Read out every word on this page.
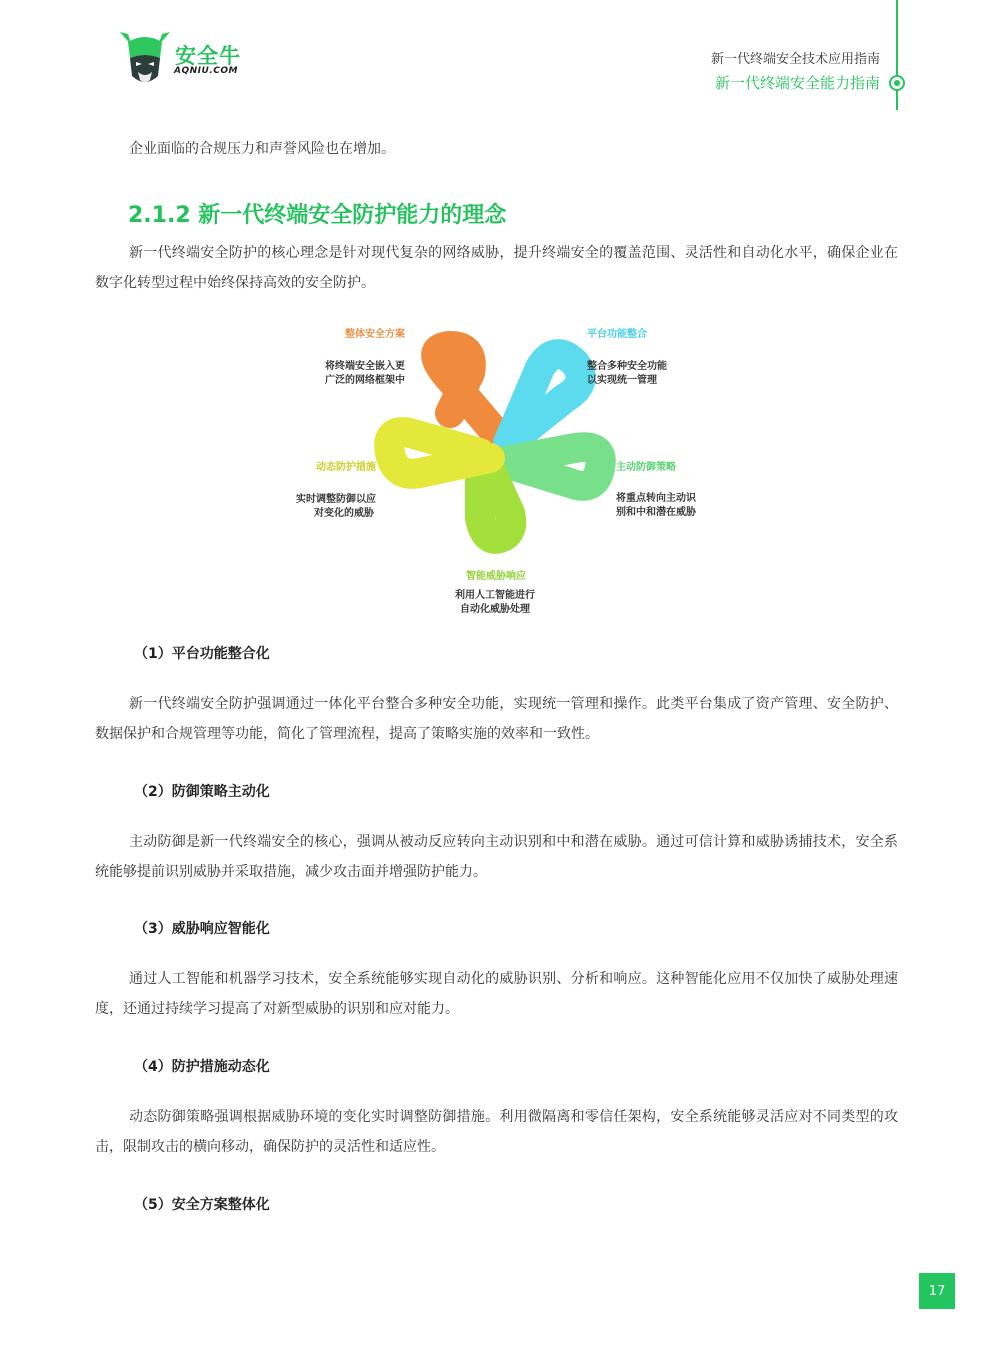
安全牛
AQNIU.COM
新一代终端安全技术应用指南
新一代终端安全能力指南
企业面临的合规压力和声誉风险也在增加。
2.1.2 新一代终端安全防护能力的理念
新一代终端安全防护的核心理念是针对现代复杂的网络威胁，提升终端安全的覆盖范围、灵活性和自动化水平，确保企业在数字化转型过程中始终保持高效的安全防护。
整体安全方案
将终端安全嵌入更
广泛的网络框架中
平台功能整合
整合多种安全功能
以实现统一管理
主动防御策略
将重点转向主动识
别和中和潜在威胁
智能威胁响应
利用人工智能进行
自动化威胁处理
动态防护措施
实时调整防御以应
对变化的威胁
（1）平台功能整合化
新一代终端安全防护强调通过一体化平台整合多种安全功能，实现统一管理和操作。此类平台集成了资产管理、安全防护、数据保护和合规管理等功能，简化了管理流程，提高了策略实施的效率和一致性。
（2）防御策略主动化
主动防御是新一代终端安全的核心，强调从被动反应转向主动识别和中和潜在威胁。通过可信计算和威胁诱捕技术，安全系统能够提前识别威胁并采取措施，减少攻击面并增强防护能力。
（3）威胁响应智能化
通过人工智能和机器学习技术，安全系统能够实现自动化的威胁识别、分析和响应。这种智能化应用不仅加快了威胁处理速度，还通过持续学习提高了对新型威胁的识别和应对能力。
（4）防护措施动态化
动态防御策略强调根据威胁环境的变化实时调整防御措施。利用微隔离和零信任架构，安全系统能够灵活应对不同类型的攻击，限制攻击的横向移动，确保防护的灵活性和适应性。
（5）安全方案整体化
17
